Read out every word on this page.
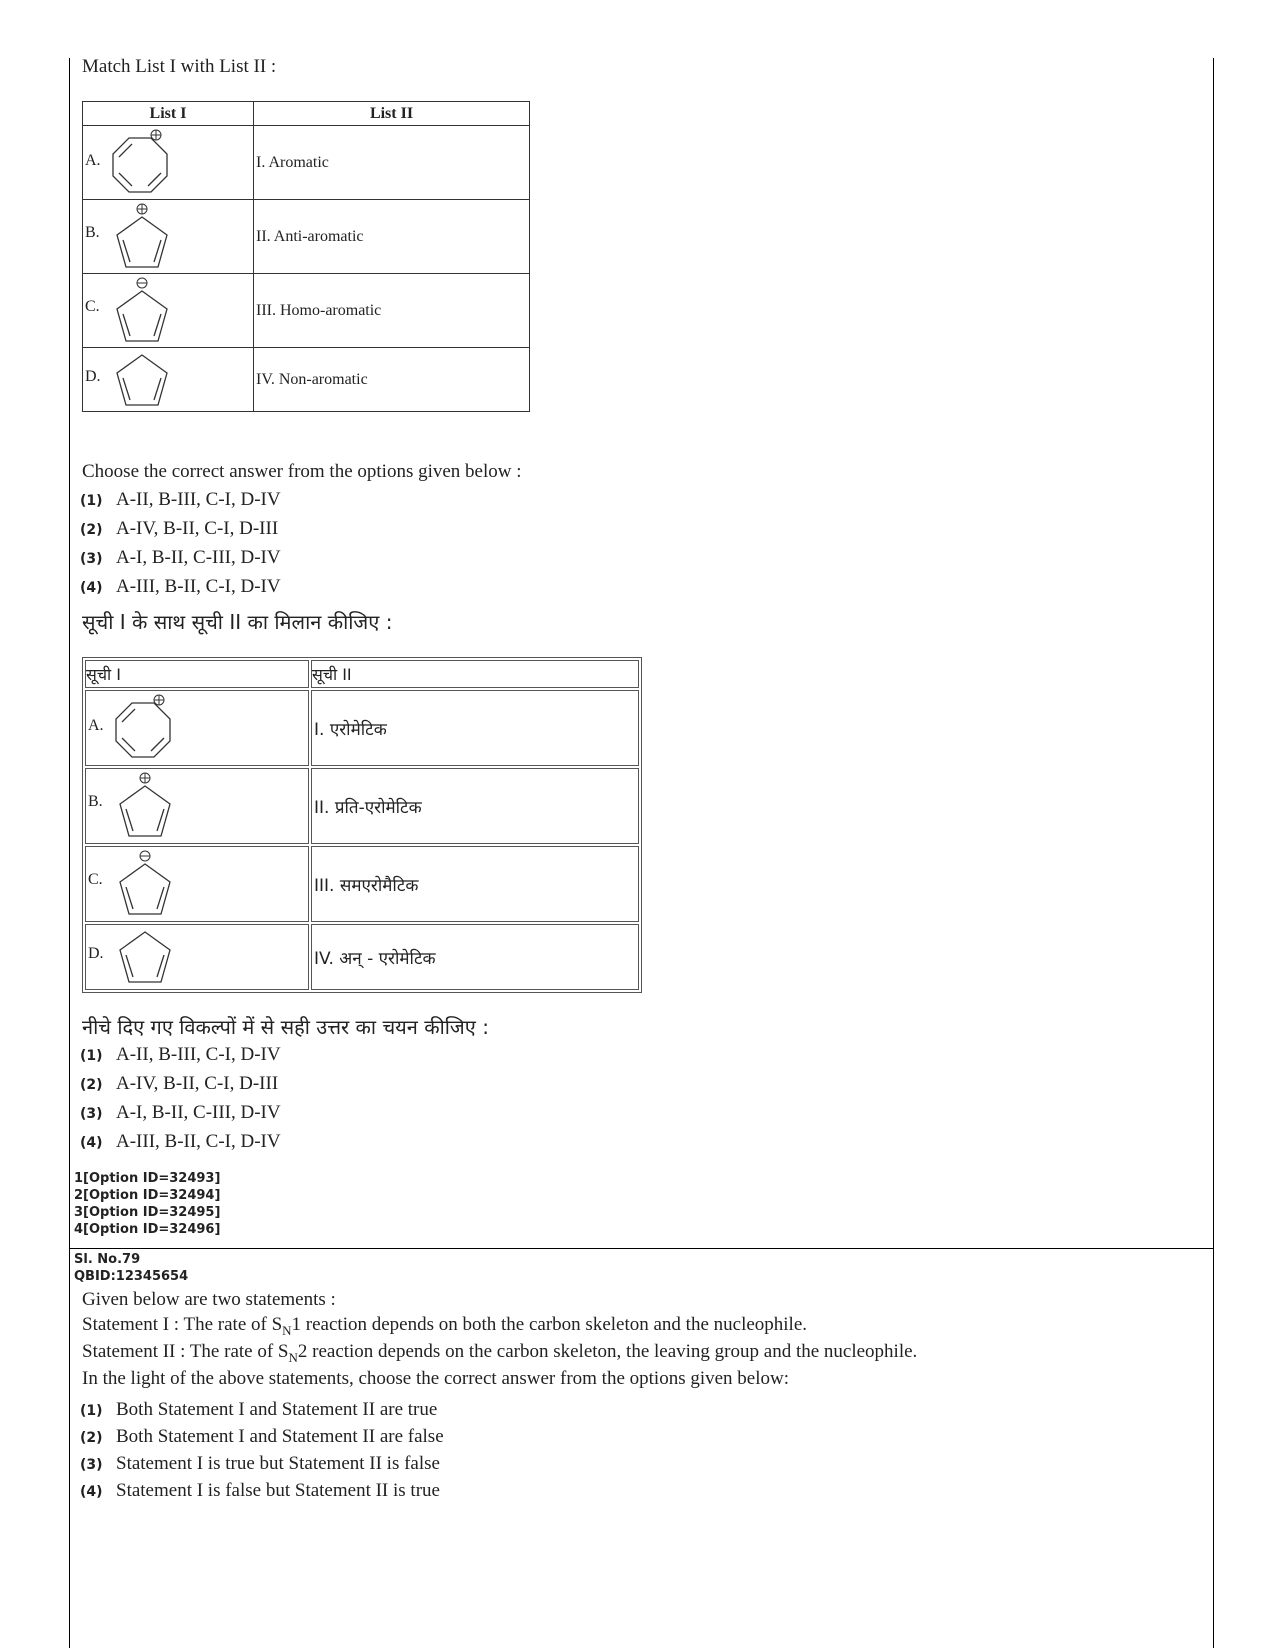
Match List I with List II :
List I	List II

A.	I. Aromatic

B.	II. Anti-aromatic

C.	III. Homo-aromatic

D.	IV. Non-aromatic
Choose the correct answer from the options given below :
(1) A-II, B-III, C-I, D-IV
(2) A-IV, B-II, C-I, D-III
(3) A-I, B-II, C-III, D-IV
(4) A-III, B-II, C-I, D-IV
सूची I के साथ सूची II का मिलान कीजिए :
सूची I	सूची II

A.	I. एरोमेटिक

B.	II. प्रति-एरोमेटिक

C.	III. समएरोमैटिक

D.	IV. अन् - एरोमेटिक
नीचे दिए गए विकल्पों में से सही उत्तर का चयन कीजिए :
(1) A-II, B-III, C-I, D-IV
(2) A-IV, B-II, C-I, D-III
(3) A-I, B-II, C-III, D-IV
(4) A-III, B-II, C-I, D-IV
1[Option ID=32493]
2[Option ID=32494]
3[Option ID=32495]
4[Option ID=32496]
Sl. No.79
QBID:12345654
Given below are two statements :
Statement I : The rate of $S_N1$ reaction depends on both the carbon skeleton and the nucleophile.
Statement II : The rate of $S_N2$ reaction depends on the carbon skeleton, the leaving group and the nucleophile.
In the light of the above statements, choose the correct answer from the options given below:
(1) Both Statement I and Statement II are true
(2) Both Statement I and Statement II are false
(3) Statement I is true but Statement II is false
(4) Statement I is false but Statement II is true
